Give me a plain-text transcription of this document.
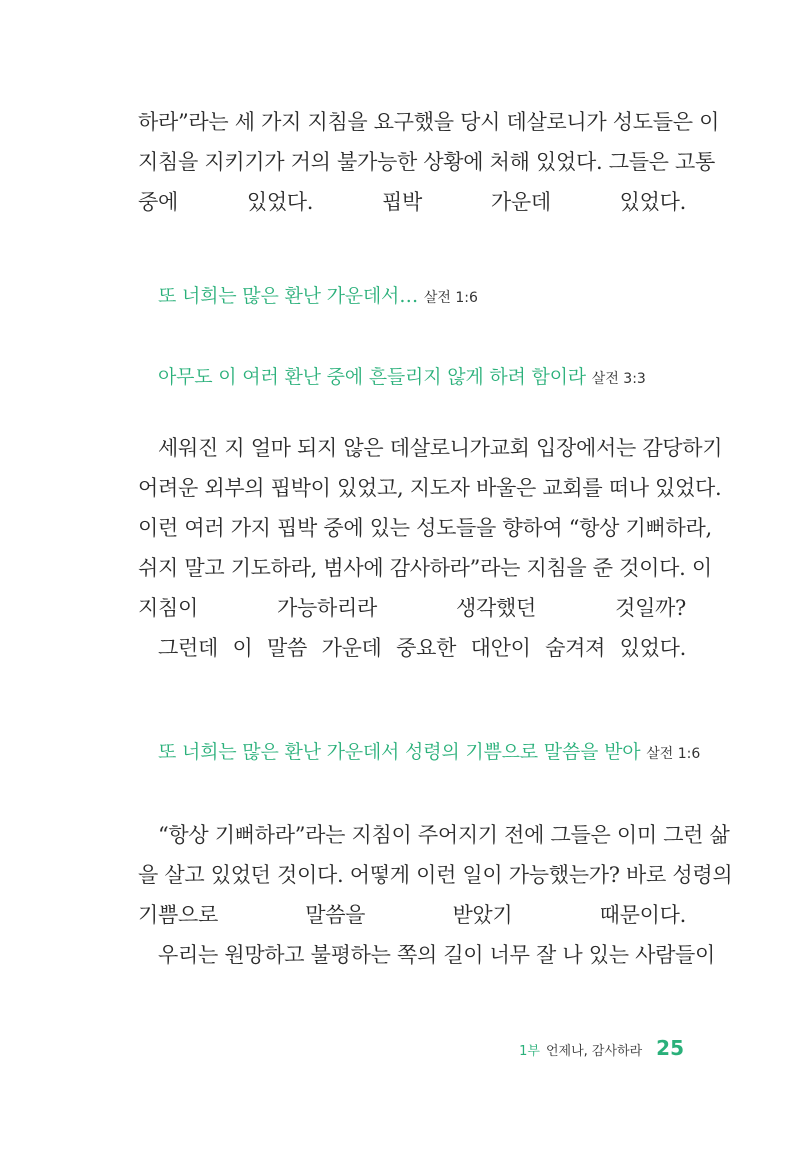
하라”라는 세 가지 지침을 요구했을 당시 데살로니가 성도들은 이
지침을 지키기가 거의 불가능한 상황에 처해 있었다. 그들은 고통
중에 있었다. 핍박 가운데 있었다.

또 너희는 많은 환난 가운데서… 살전 1:6

아무도 이 여러 환난 중에 흔들리지 않게 하려 함이라 살전 3:3

세워진 지 얼마 되지 않은 데살로니가교회 입장에서는 감당하기
어려운 외부의 핍박이 있었고, 지도자 바울은 교회를 떠나 있었다.
이런 여러 가지 핍박 중에 있는 성도들을 향하여 “항상 기뻐하라,
쉬지 말고 기도하라, 범사에 감사하라”라는 지침을 준 것이다. 이
지침이 가능하리라 생각했던 것일까?
그런데 이 말씀 가운데 중요한 대안이 숨겨져 있었다.

또 너희는 많은 환난 가운데서 성령의 기쁨으로 말씀을 받아 살전 1:6

“항상 기뻐하라”라는 지침이 주어지기 전에 그들은 이미 그런 삶
을 살고 있었던 것이다. 어떻게 이런 일이 가능했는가? 바로 성령의
기쁨으로 말씀을 받았기 때문이다.
우리는 원망하고 불평하는 쪽의 길이 너무 잘 나 있는 사람들이

1부 언제나, 감사하라 25
